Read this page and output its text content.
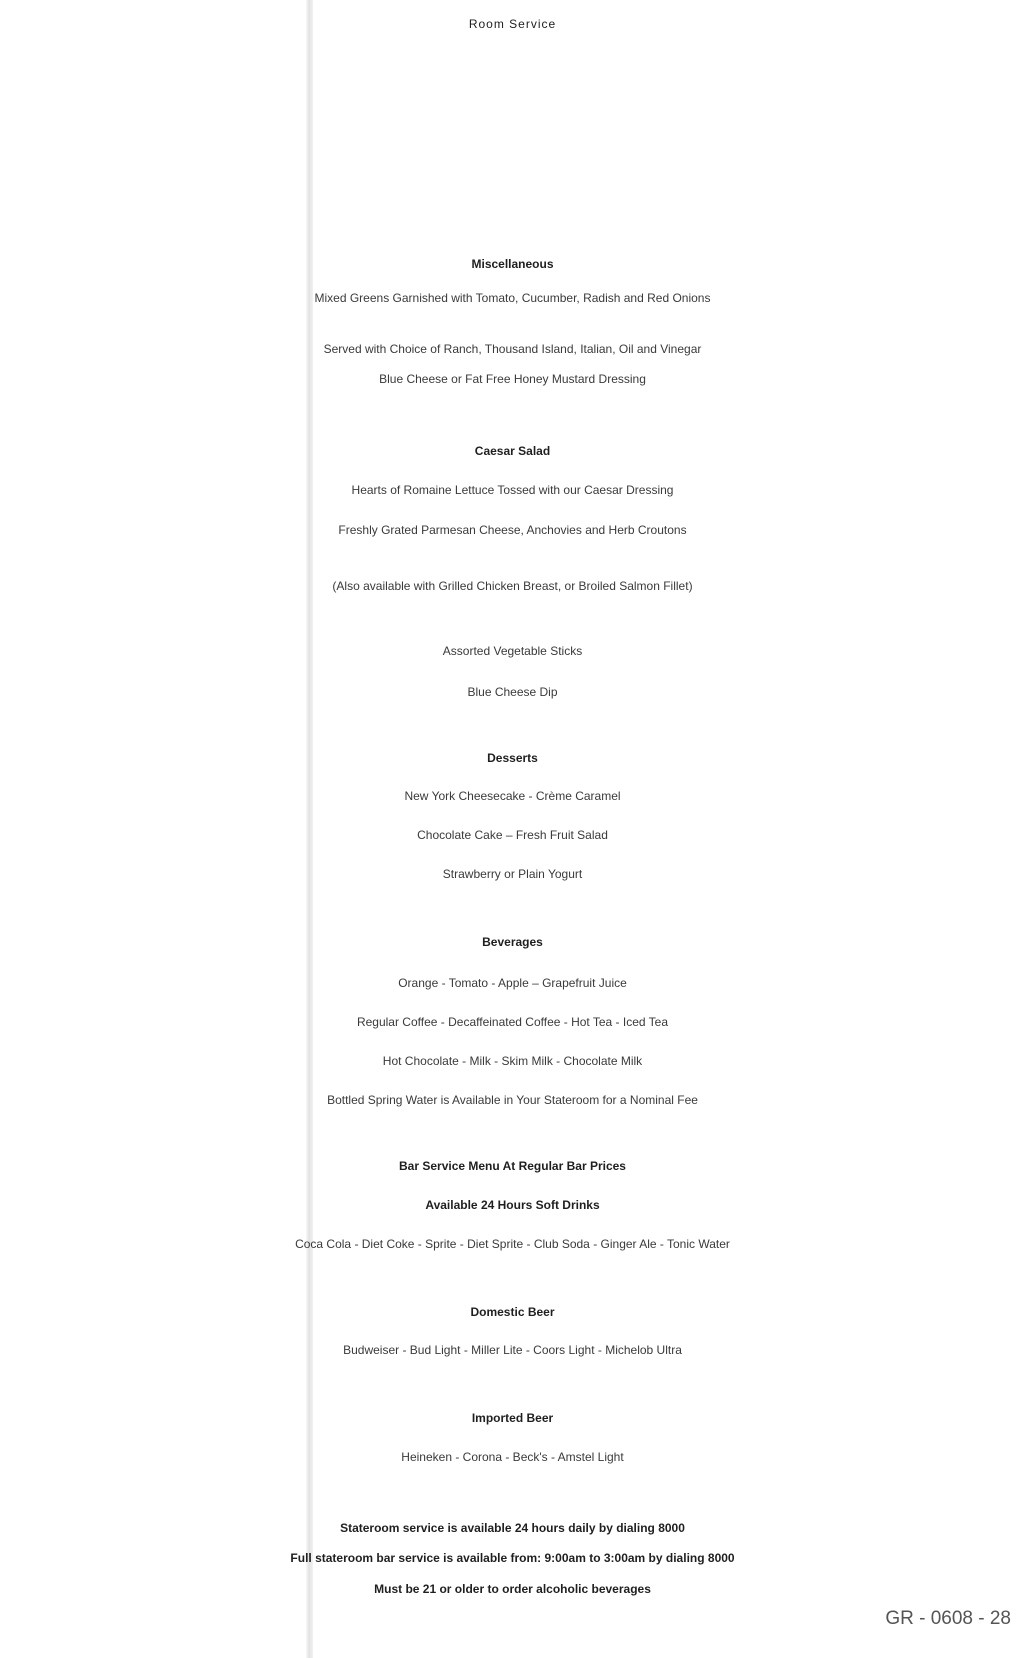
Room Service
Miscellaneous
Mixed Greens Garnished with Tomato, Cucumber, Radish and Red Onions
Served with Choice of Ranch, Thousand Island, Italian, Oil and Vinegar
Blue Cheese or Fat Free Honey Mustard Dressing
Caesar Salad
Hearts of Romaine Lettuce Tossed with our Caesar Dressing
Freshly Grated Parmesan Cheese, Anchovies and Herb Croutons
(Also available with Grilled Chicken Breast, or Broiled Salmon Fillet)
Assorted Vegetable Sticks
Blue Cheese Dip
Desserts
New York Cheesecake - Crème Caramel
Chocolate Cake – Fresh Fruit Salad
Strawberry or Plain Yogurt
Beverages
Orange - Tomato - Apple – Grapefruit Juice
Regular Coffee - Decaffeinated Coffee - Hot Tea - Iced Tea
Hot Chocolate - Milk - Skim Milk - Chocolate Milk
Bottled Spring Water is Available in Your Stateroom for a Nominal Fee
Bar Service Menu At Regular Bar Prices
Available 24 Hours Soft Drinks
Coca Cola - Diet Coke - Sprite - Diet Sprite - Club Soda - Ginger Ale - Tonic Water
Domestic Beer
Budweiser - Bud Light - Miller Lite - Coors Light - Michelob Ultra
Imported Beer
Heineken - Corona - Beck's - Amstel Light
Stateroom service is available 24 hours daily by dialing 8000
Full stateroom bar service is available from: 9:00am to 3:00am by dialing 8000
Must be 21 or older to order alcoholic beverages
GR - 0608 - 28
